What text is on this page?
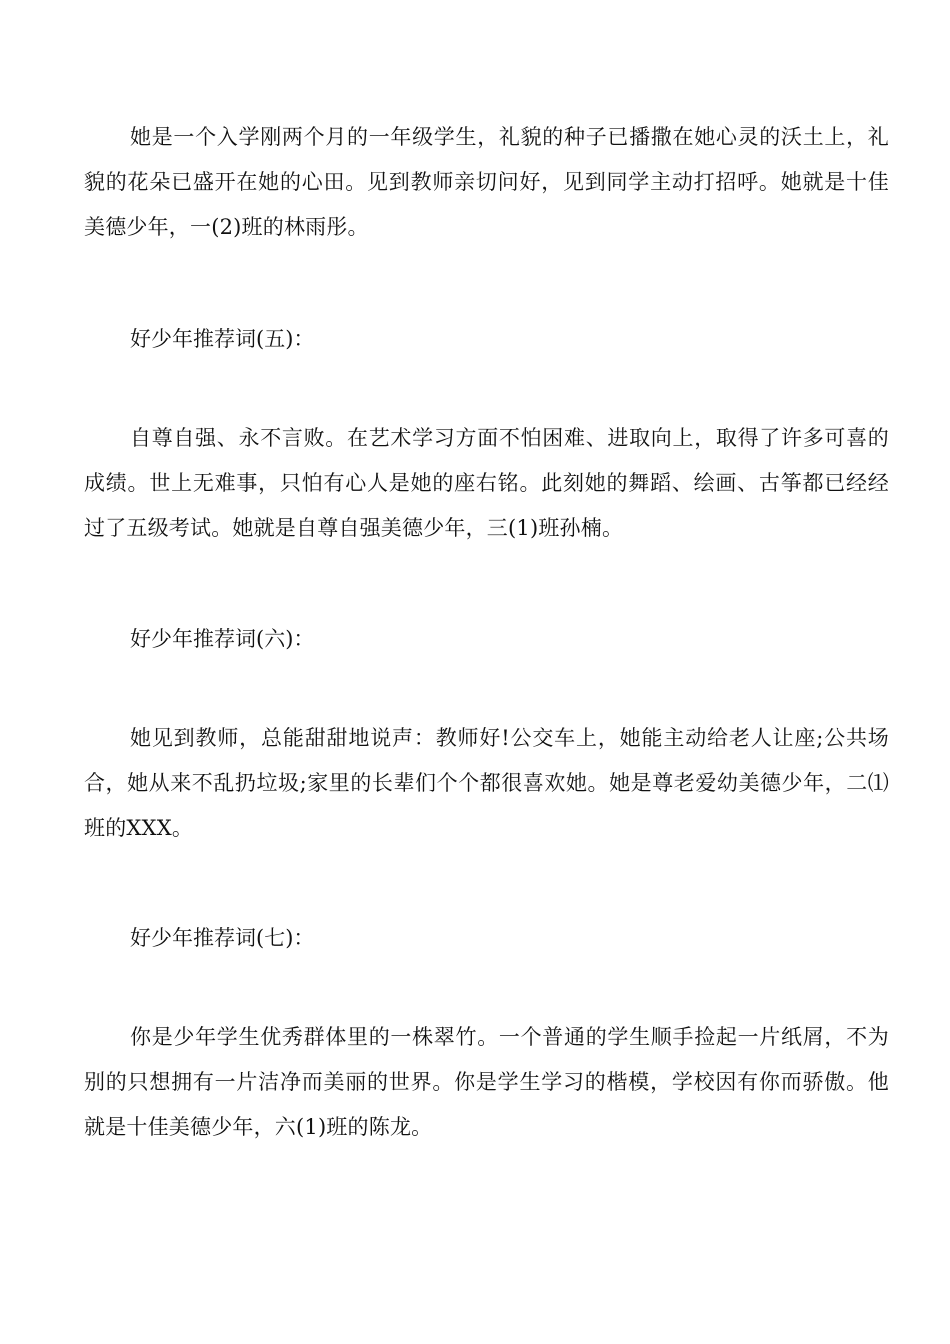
她是一个入学刚两个月的一年级学生，礼貌的种子已播撒在她心灵的沃土上，礼貌的花朵已盛开在她的心田。见到教师亲切问好，见到同学主动打招呼。她就是十佳美德少年，一(2)班的林雨彤。

好少年推荐词(五)：

自尊自强、永不言败。在艺术学习方面不怕困难、进取向上，取得了许多可喜的成绩。世上无难事，只怕有心人是她的座右铭。此刻她的舞蹈、绘画、古筝都已经经过了五级考试。她就是自尊自强美德少年，三(1)班孙楠。

好少年推荐词(六)：

她见到教师，总能甜甜地说声：教师好!公交车上，她能主动给老人让座;公共场合，她从来不乱扔垃圾;家里的长辈们个个都很喜欢她。她是尊老爱幼美德少年，二⑴班的XXX。

好少年推荐词(七)：

你是少年学生优秀群体里的一株翠竹。一个普通的学生顺手捡起一片纸屑，不为别的只想拥有一片洁净而美丽的世界。你是学生学习的楷模，学校因有你而骄傲。他就是十佳美德少年，六(1)班的陈龙。
